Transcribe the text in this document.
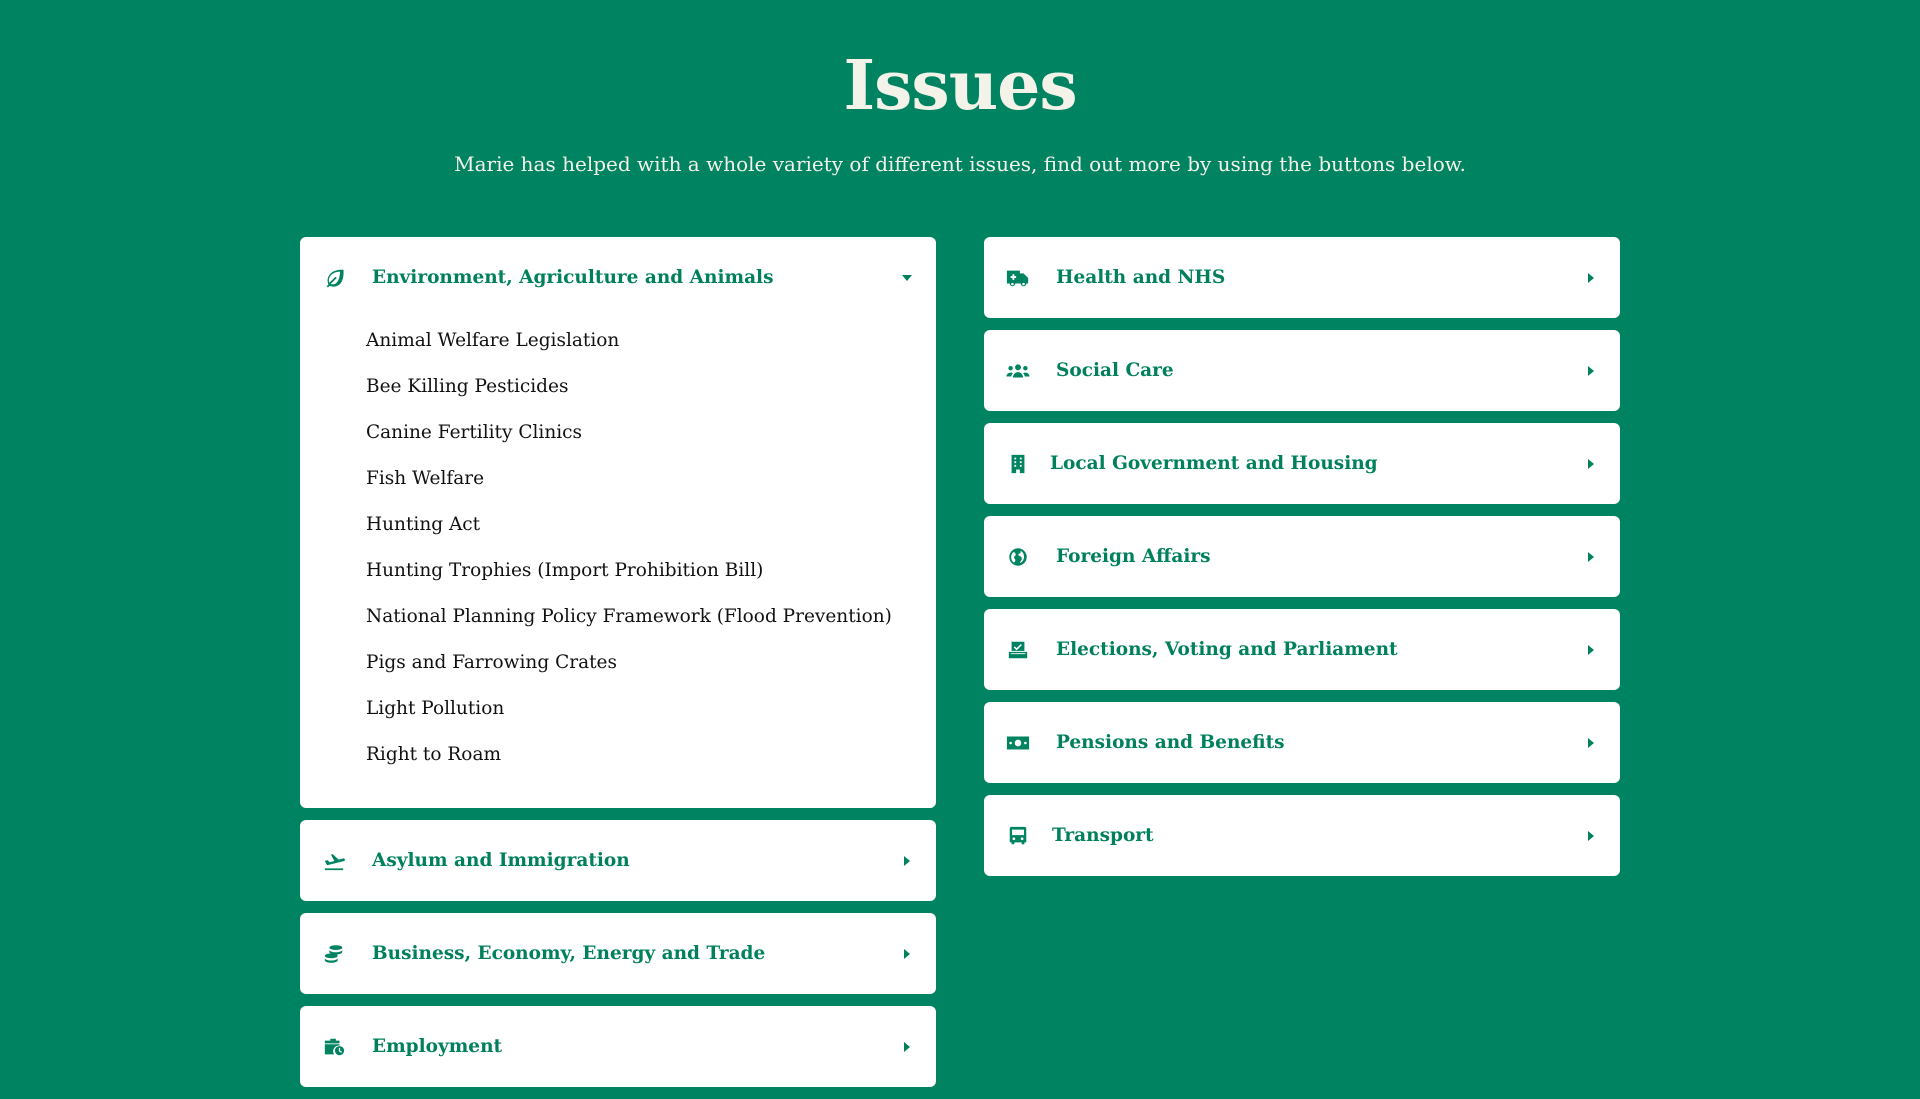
Issues

Marie has helped with a whole variety of different issues, find out more by using the buttons below.

Environment, Agriculture and Animals
Animal Welfare Legislation
Bee Killing Pesticides
Canine Fertility Clinics
Fish Welfare
Hunting Act
Hunting Trophies (Import Prohibition Bill)
National Planning Policy Framework (Flood Prevention)
Pigs and Farrowing Crates
Light Pollution
Right to Roam
Asylum and Immigration
Business, Economy, Energy and Trade
Employment
Health and NHS
Social Care
Local Government and Housing
Foreign Affairs
Elections, Voting and Parliament
Pensions and Benefits
Transport
